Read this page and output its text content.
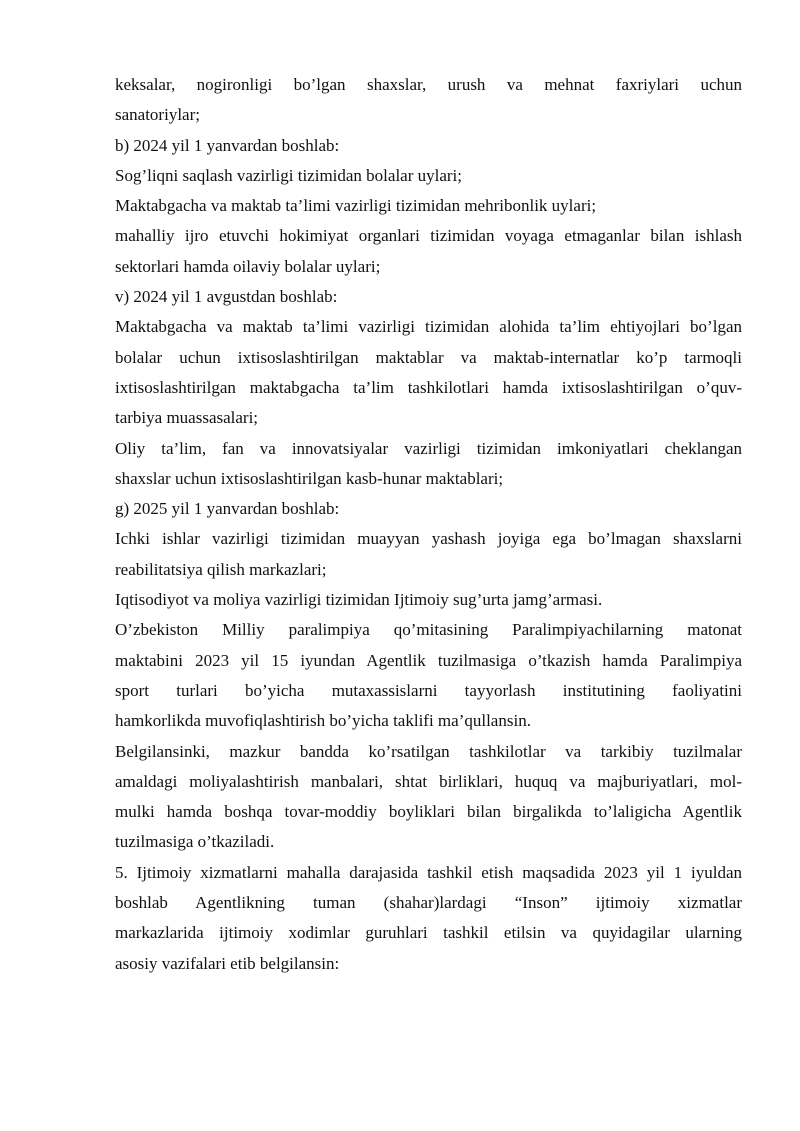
keksalar, nogironligi bo’lgan shaxslar, urush va mehnat faxriylari uchun
sanatoriylar;
b) 2024 yil 1 yanvardan boshlab:
Sog’liqni saqlash vazirligi tizimidan bolalar uylari;
Maktabgacha va maktab ta’limi vazirligi tizimidan mehribonlik uylari;
mahalliy ijro etuvchi hokimiyat organlari tizimidan voyaga etmaganlar bilan ishlash
sektorlari hamda oilaviy bolalar uylari;
v) 2024 yil 1 avgustdan boshlab:
Maktabgacha va maktab ta’limi vazirligi tizimidan alohida ta’lim ehtiyojlari bo’lgan
bolalar uchun ixtisoslashtirilgan maktablar va maktab-internatlar ko’p tarmoqli
ixtisoslashtirilgan maktabgacha ta’lim tashkilotlari hamda ixtisoslashtirilgan o’quv-
tarbiya muassasalari;
Oliy ta’lim, fan va innovatsiyalar vazirligi tizimidan imkoniyatlari cheklangan
shaxslar uchun ixtisoslashtirilgan kasb-hunar maktablari;
g) 2025 yil 1 yanvardan boshlab:
Ichki ishlar vazirligi tizimidan muayyan yashash joyiga ega bo’lmagan shaxslarni
reabilitatsiya qilish markazlari;
Iqtisodiyot va moliya vazirligi tizimidan Ijtimoiy sug’urta jamg’armasi.
O’zbekiston Milliy paralimpiya qo’mitasining Paralimpiyachilarning matonat
maktabini 2023 yil 15 iyundan Agentlik tuzilmasiga o’tkazish hamda Paralimpiya
sport turlari bo’yicha mutaxassislarni tayyorlash institutining faoliyatini
hamkorlikda muvofiqlashtirish bo’yicha taklifi ma’qullansin.
Belgilansinki, mazkur bandda ko’rsatilgan tashkilotlar va tarkibiy tuzilmalar
amaldagi moliyalashtirish manbalari, shtat birliklari, huquq va majburiyatlari, mol-
mulki hamda boshqa tovar-moddiy boyliklari bilan birgalikda to’laligicha Agentlik
tuzilmasiga o’tkaziladi.
5. Ijtimoiy xizmatlarni mahalla darajasida tashkil etish maqsadida 2023 yil 1 iyuldan
boshlab Agentlikning tuman (shahar)lardagi “Inson” ijtimoiy xizmatlar
markazlarida ijtimoiy xodimlar guruhlari tashkil etilsin va quyidagilar ularning
asosiy vazifalari etib belgilansin:
